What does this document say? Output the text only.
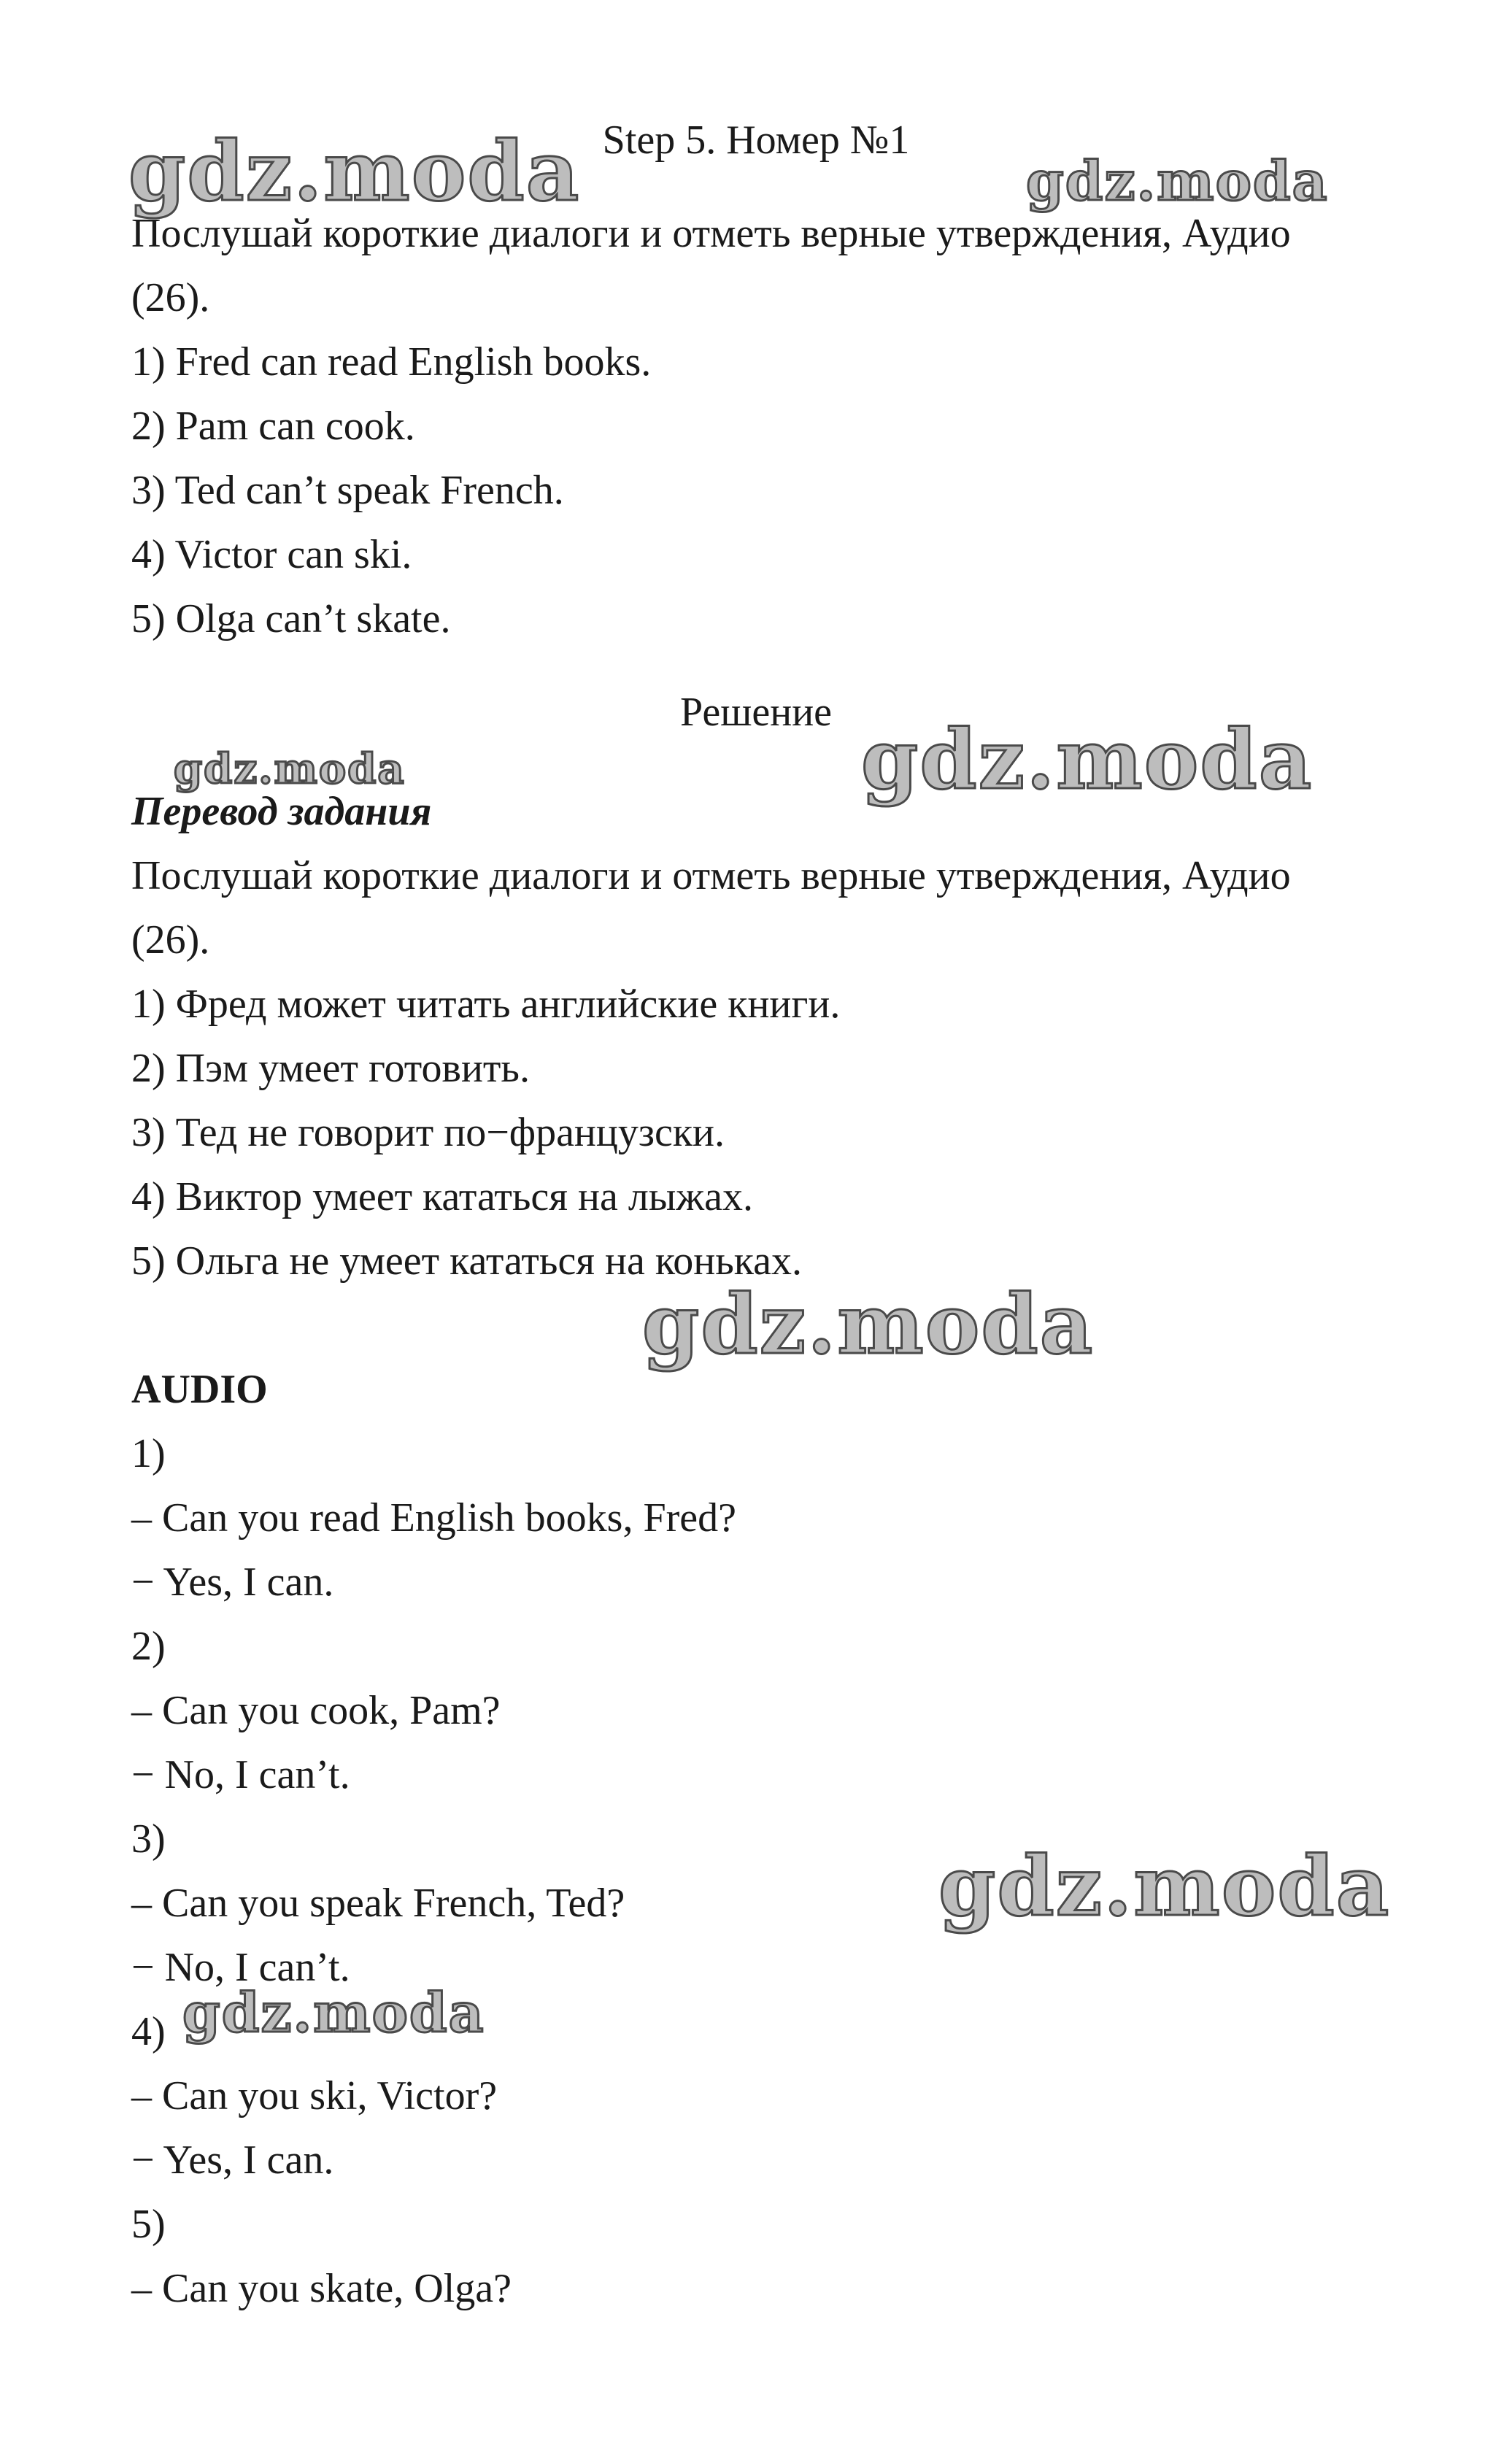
Step 5. Номер №1
Послушай короткие диалоги и отметь верные утверждения, Аудио
(26).
1) Fred can read English books.
2) Pam can cook.
3) Ted can’t speak French.
4) Victor can ski.
5) Olga can’t skate.
Решение
Перевод задания
Послушай короткие диалоги и отметь верные утверждения, Аудио
(26).
1) Фред может читать английские книги.
2) Пэм умеет готовить.
3) Тед не говорит по−французски.
4) Виктор умеет кататься на лыжах.
5) Ольга не умеет кататься на коньках.
AUDIO
1)
– Can you read English books, Fred?
− Yes, I can.
2)
– Can you cook, Pam?
− No, I can’t.
3)
– Can you speak French, Ted?
− No, I can’t.
4)
– Can you ski, Victor?
− Yes, I can.
5)
– Can you skate, Olga?
gdz.moda	gdz.moda
gdz.moda	gdz.moda
gdz.moda
gdz.moda
gdz.moda
